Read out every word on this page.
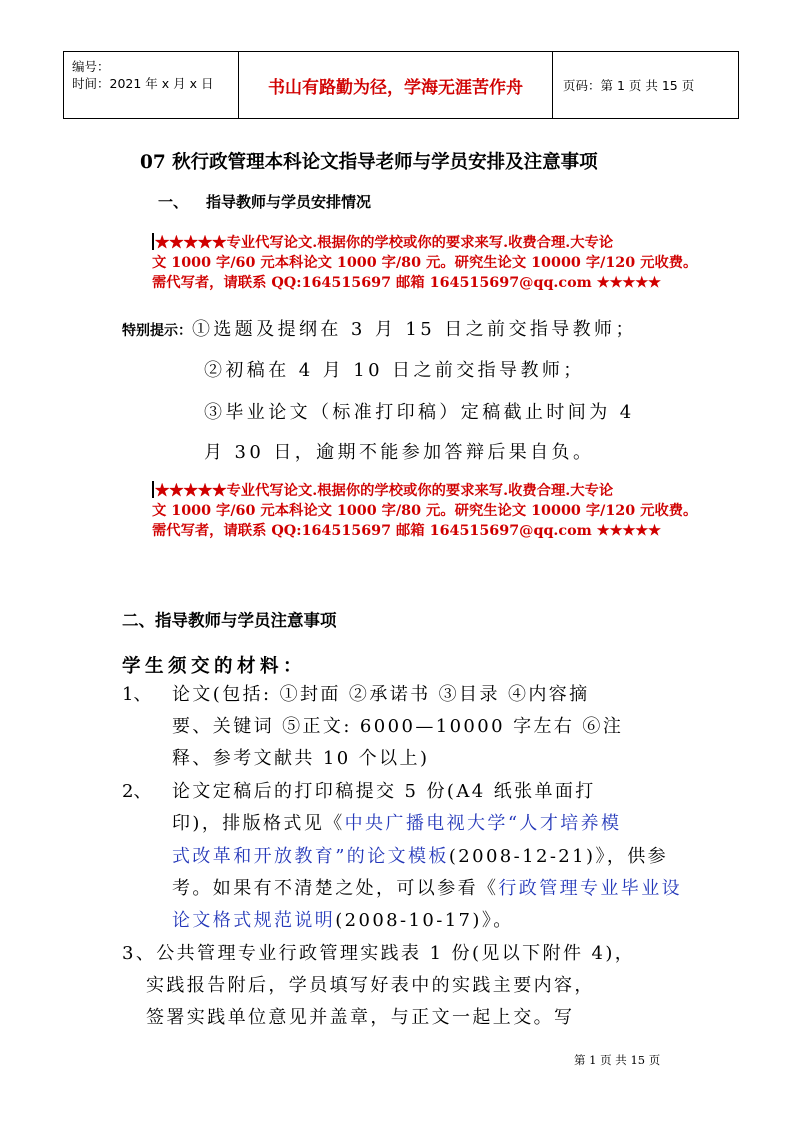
编号：
时间：2021 年 x 月 x 日	书山有路勤为径，学海无涯苦作舟	页码：第 1 页 共 15 页
07 秋行政管理本科论文指导老师与学员安排及注意事项
一、 指导教师与学员安排情况
★★★★★专业代写论文.根据你的学校或你的要求来写.收费合理.大专论
文 1000 字/60 元本科论文 1000 字/80 元。研究生论文 10000 字/120 元收费。
需代写者，请联系 QQ:164515697 邮箱 164515697@qq.com ★★★★★
特别提示：①选题及提纲在 3 月 15 日之前交指导教师；
②初稿在 4 月 10 日之前交指导教师；
③毕业论文（标准打印稿）定稿截止时间为 4
月 30 日，逾期不能参加答辩后果自负。
★★★★★专业代写论文.根据你的学校或你的要求来写.收费合理.大专论
文 1000 字/60 元本科论文 1000 字/80 元。研究生论文 10000 字/120 元收费。
需代写者，请联系 QQ:164515697 邮箱 164515697@qq.com ★★★★★
二、指导教师与学员注意事项
学生须交的材料：
1、 论文(包括: ①封面 ②承诺书 ③目录 ④内容摘
要、关键词 ⑤正文: 6000—10000 字左右 ⑥注
释、参考文献共 10 个以上)
2、 论文定稿后的打印稿提交 5 份(A4 纸张单面打
印)，排版格式见《中央广播电视大学“人才培养模
式改革和开放教育”的论文模板(2008-12-21)》，供参
考。如果有不清楚之处，可以参看《行政管理专业毕业设
论文格式规范说明(2008-10-17)》。
3、公共管理专业行政管理实践表 1 份(见以下附件 4)，
实践报告附后，学员填写好表中的实践主要内容，
签署实践单位意见并盖章，与正文一起上交。写
第 1 页 共 15 页
